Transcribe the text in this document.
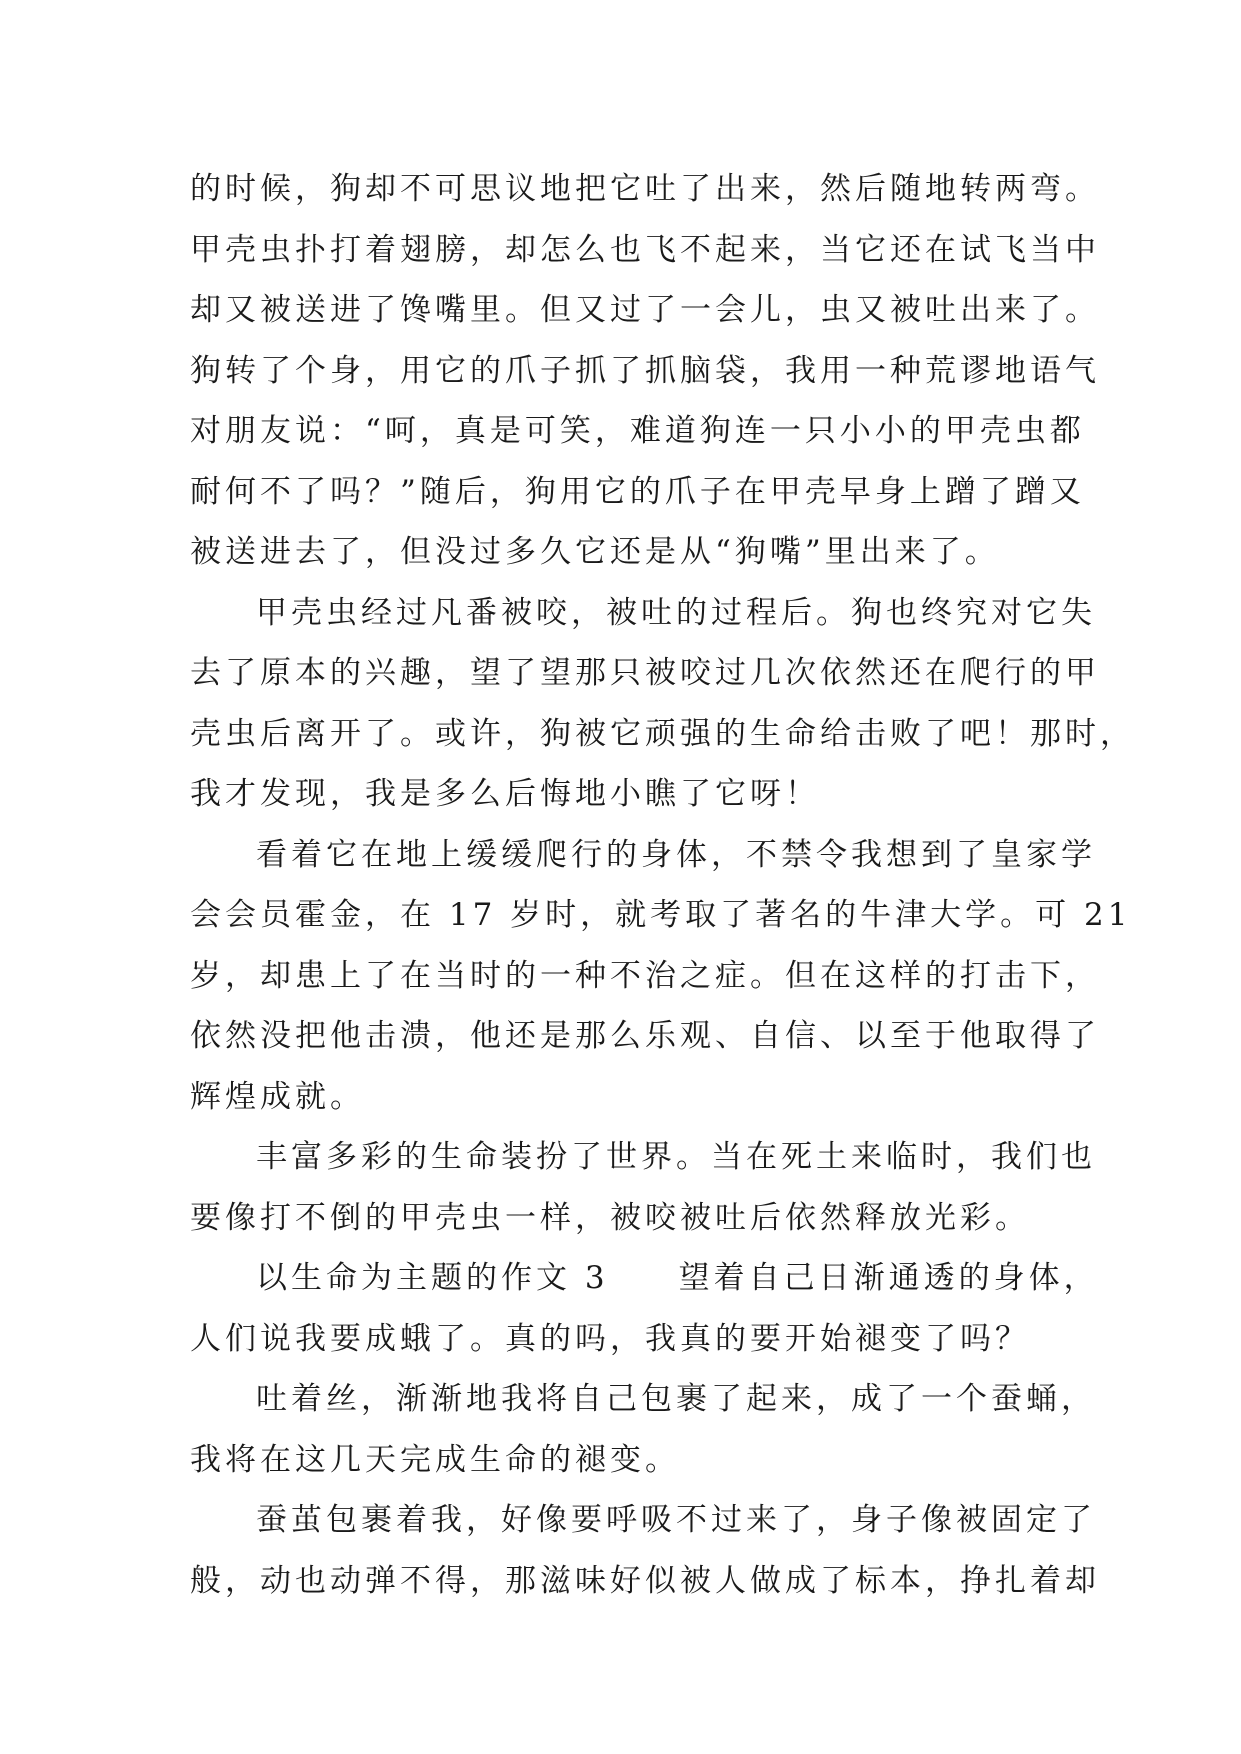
的时候，狗却不可思议地把它吐了出来，然后随地转两弯。
甲壳虫扑打着翅膀，却怎么也飞不起来，当它还在试飞当中
却又被送进了馋嘴里。但又过了一会儿，虫又被吐出来了。
狗转了个身，用它的爪子抓了抓脑袋，我用一种荒谬地语气
对朋友说：“呵，真是可笑，难道狗连一只小小的甲壳虫都
耐何不了吗？”随后，狗用它的爪子在甲壳早身上蹭了蹭又
被送进去了，但没过多久它还是从“狗嘴”里出来了。
甲壳虫经过凡番被咬，被吐的过程后。狗也终究对它失
去了原本的兴趣，望了望那只被咬过几次依然还在爬行的甲
壳虫后离开了。或许，狗被它顽强的生命给击败了吧！那时，
我才发现，我是多么后悔地小瞧了它呀！
看着它在地上缓缓爬行的身体，不禁令我想到了皇家学
会会员霍金，在 17 岁时，就考取了著名的牛津大学。可 21
岁，却患上了在当时的一种不治之症。但在这样的打击下，
依然没把他击溃，他还是那么乐观、自信、以至于他取得了
辉煌成就。
丰富多彩的生命装扮了世界。当在死土来临时，我们也
要像打不倒的甲壳虫一样，被咬被吐后依然释放光彩。
以生命为主题的作文 3　　望着自己日渐通透的身体，
人们说我要成蛾了。真的吗，我真的要开始褪变了吗？
吐着丝，渐渐地我将自己包裹了起来，成了一个蚕蛹，
我将在这几天完成生命的褪变。
蚕茧包裹着我，好像要呼吸不过来了，身子像被固定了
般，动也动弹不得，那滋味好似被人做成了标本，挣扎着却
